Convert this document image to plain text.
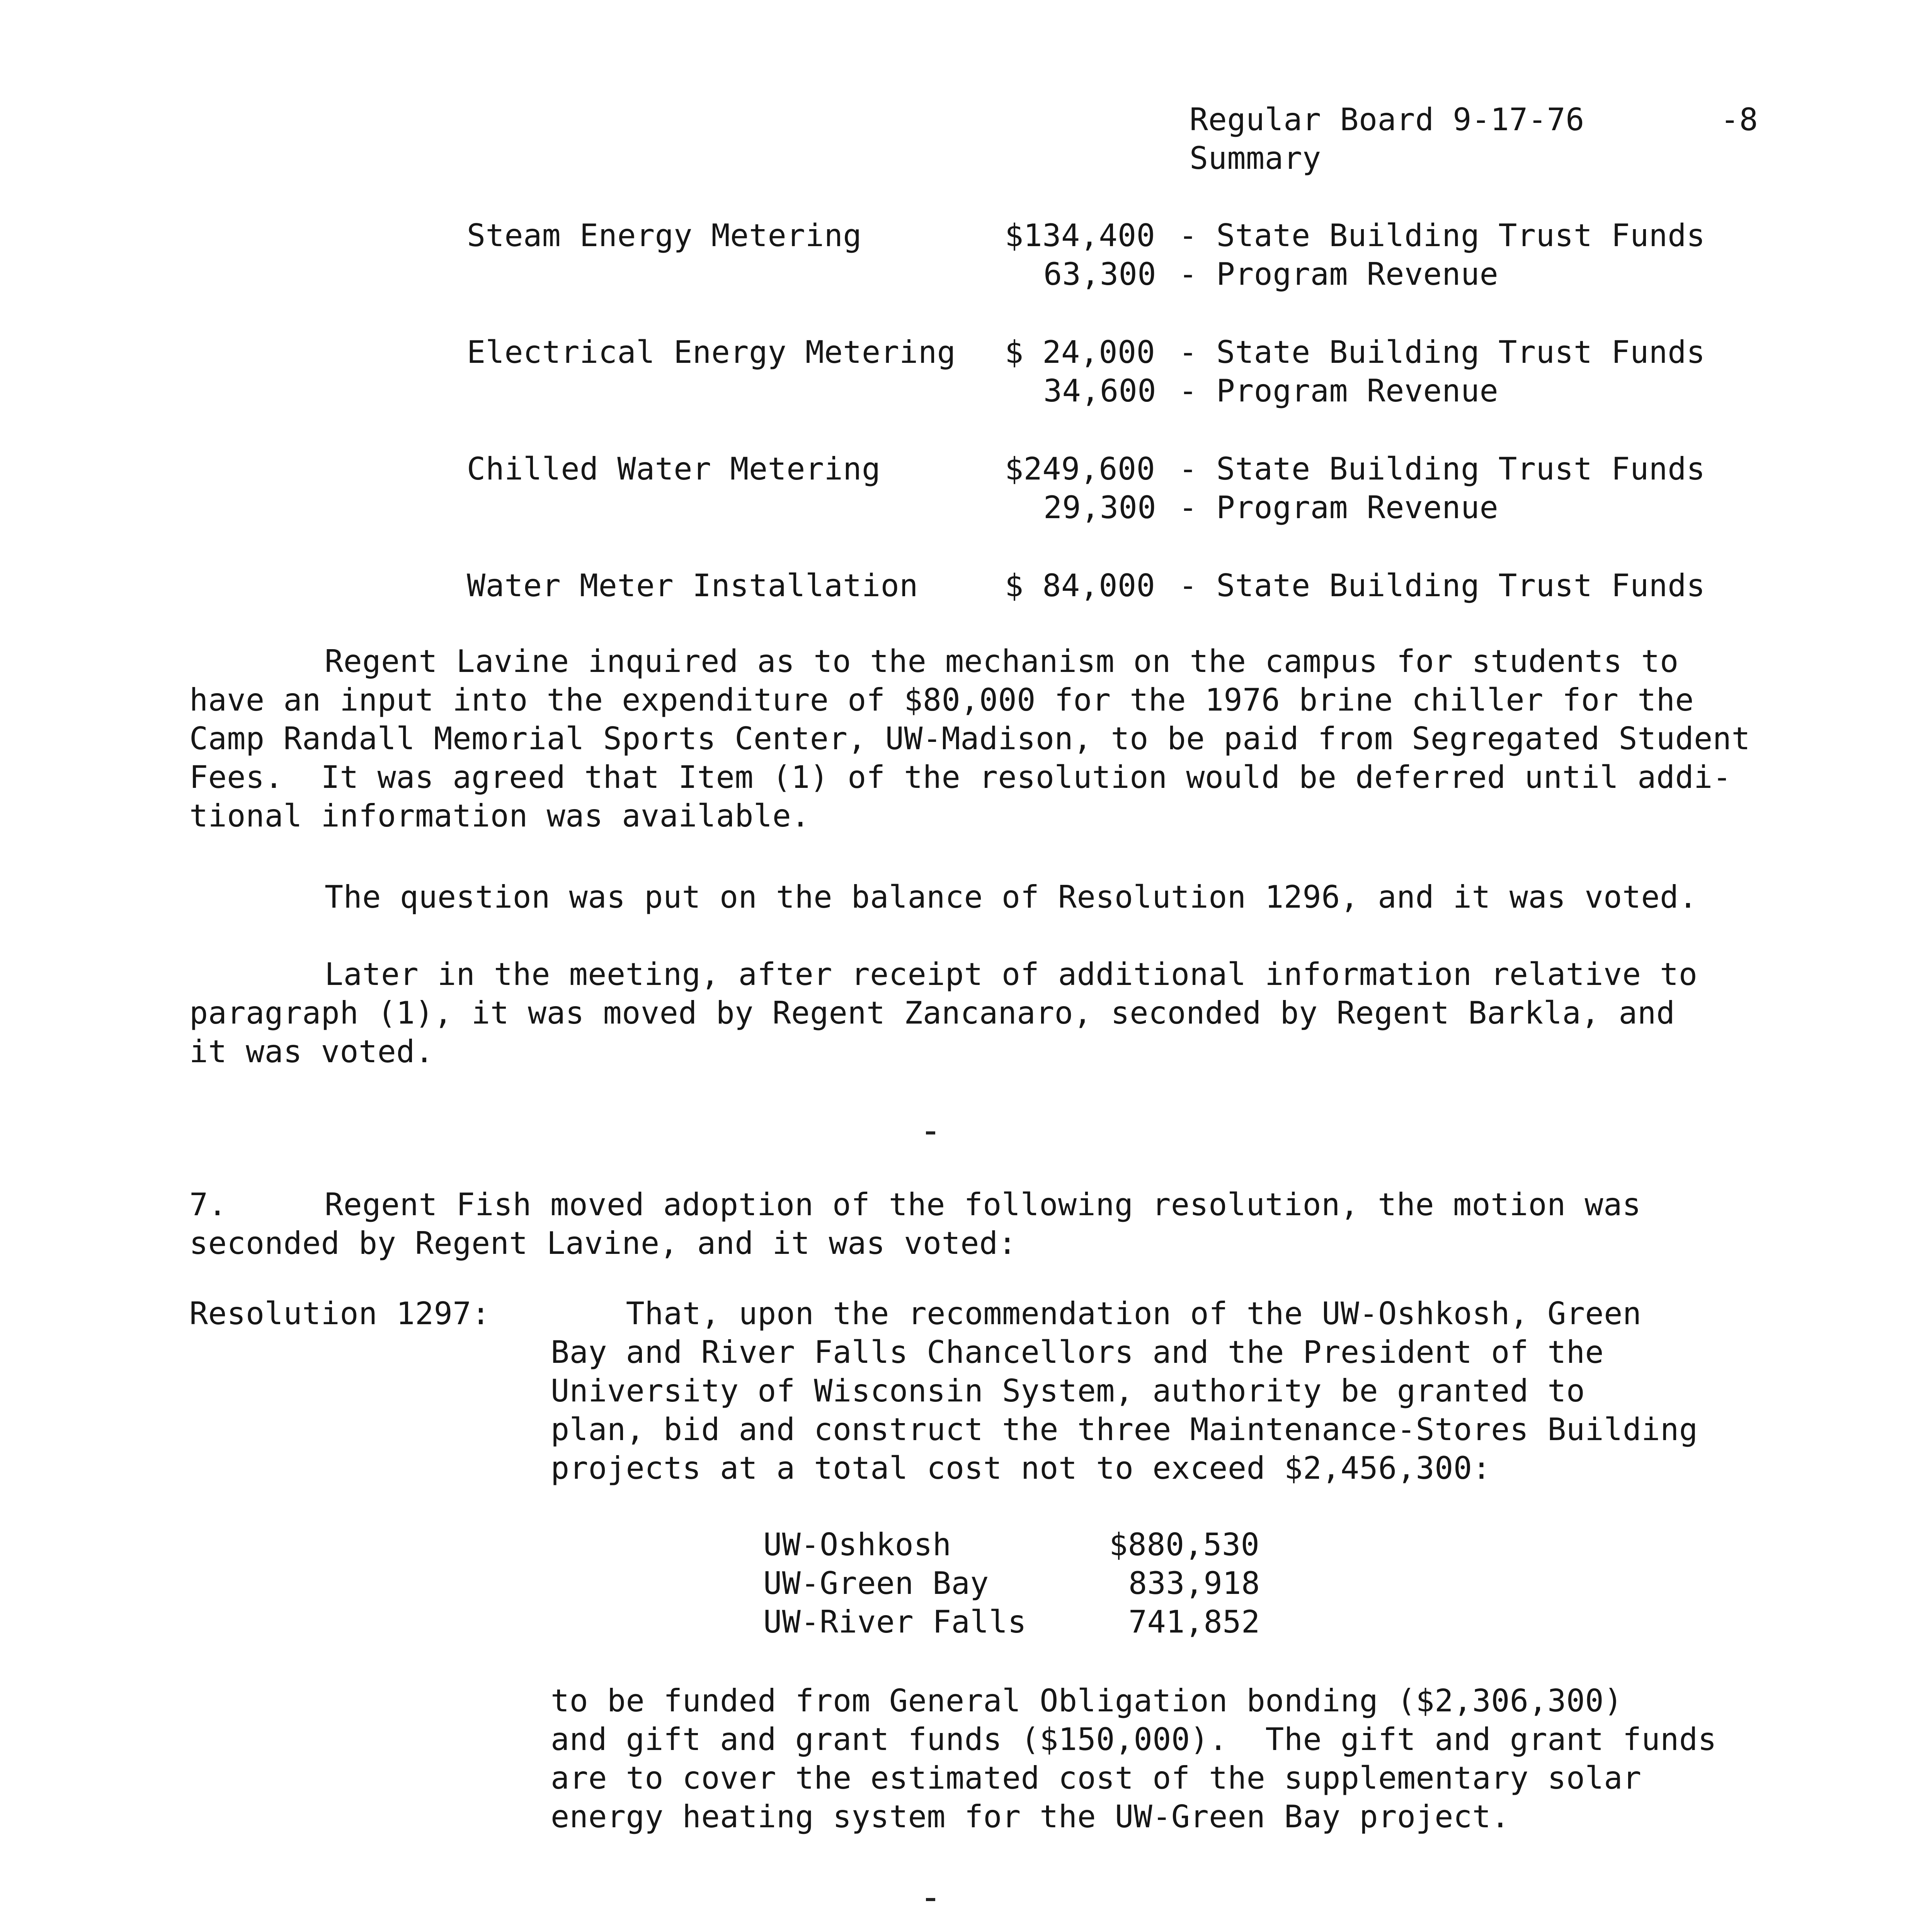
Regular Board 9-17-76	-8
Summary
Steam Energy Metering	$134,400 - State Building Trust Funds
63,300 - Program Revenue
Electrical Energy Metering $ 24,000 - State Building Trust Funds
34,600 - Program Revenue
Chilled Water Metering	$249,600 - State Building Trust Funds
29,300 - Program Revenue
Water Meter Installation	$ 84,000 - State Building Trust Funds
Regent Lavine inquired as to the mechanism on the campus for students to
have an input into the expenditure of $80,000 for the 1976 brine chiller for the
Camp Randall Memorial Sports Center, UW-Madison, to be paid from Segregated Student
Fees.  It was agreed that Item (1) of the resolution would be deferred until addi-
tional information was available.
The question was put on the balance of Resolution 1296, and it was voted.
Later in the meeting, after receipt of additional information relative to
paragraph (1), it was moved by Regent Zancanaro, seconded by Regent Barkla, and
it was voted.
7.	Regent Fish moved adoption of the following resolution, the motion was
seconded by Regent Lavine, and it was voted:
Resolution 1297: That, upon the recommendation of the UW-Oshkosh, Green
Bay and River Falls Chancellors and the President of the
University of Wisconsin System, authority be granted to
plan, bid and construct the three Maintenance-Stores Building
projects at a total cost not to exceed $2,456,300:
UW-Oshkosh	$880,530
UW-Green Bay	833,918
UW-River Falls	741,852
to be funded from General Obligation bonding ($2,306,300)
and gift and grant funds ($150,000).  The gift and grant funds
are to cover the estimated cost of the supplementary solar
energy heating system for the UW-Green Bay project.
